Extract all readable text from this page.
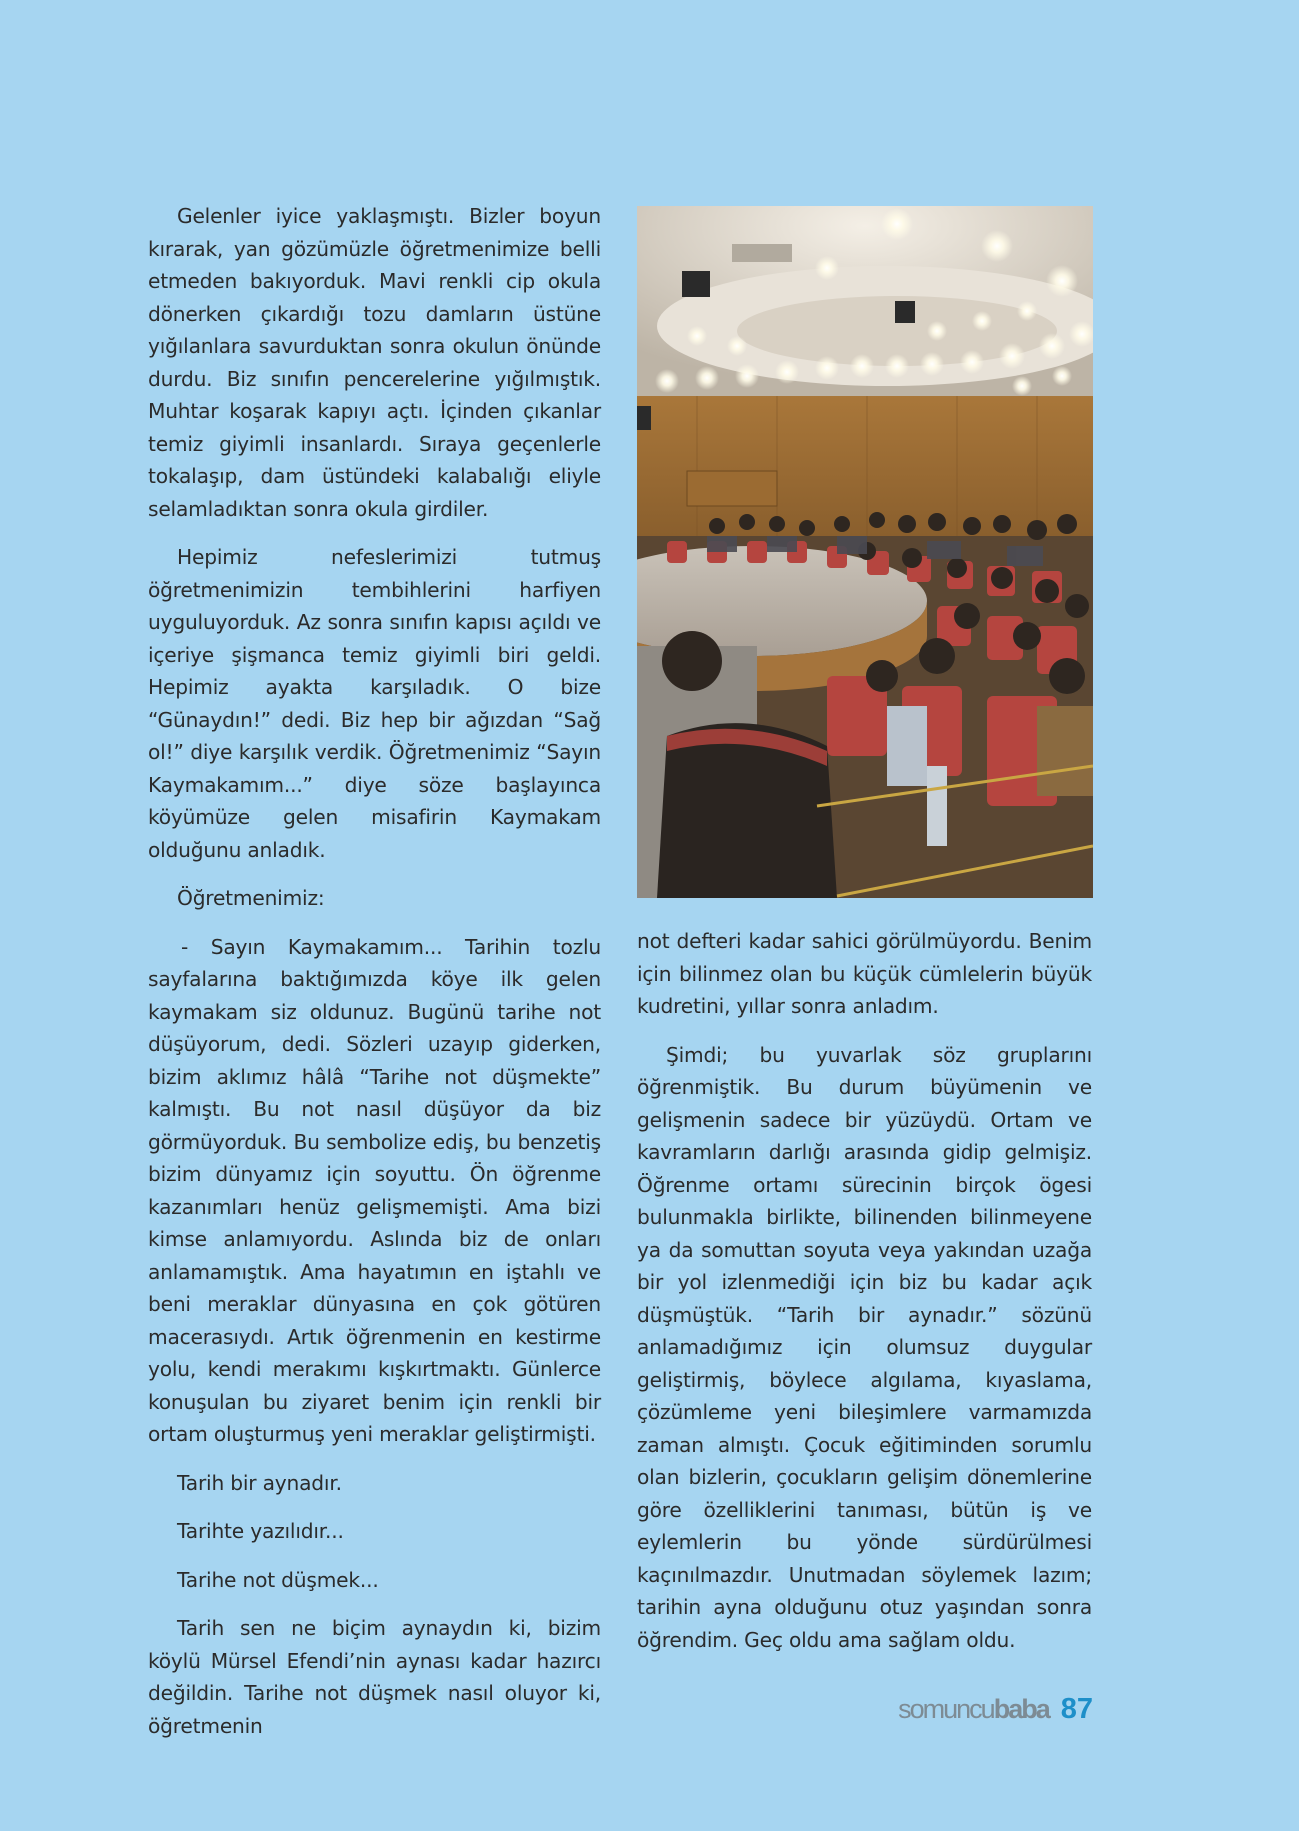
Gelenler iyice yaklaşmıştı. Bizler boyun kırarak, yan gözümüzle öğretmenimize belli etmeden bakıyorduk. Mavi renkli cip okula dönerken çıkardığı tozu damların üstüne yığılanlara savurduktan sonra okulun önünde durdu. Biz sınıfın pencerelerine yığılmıştık. Muhtar koşarak kapıyı açtı. İçinden çıkanlar temiz giyimli insanlardı. Sıraya geçenlerle tokalaşıp, dam üstündeki kalabalığı eliyle selamladıktan sonra okula girdiler.

Hepimiz nefeslerimizi tutmuş öğretmenimizin tembihlerini harfiyen uyguluyorduk. Az sonra sınıfın kapısı açıldı ve içeriye şişmanca temiz giyimli biri geldi. Hepimiz ayakta karşıladık. O bize “Günaydın!” dedi. Biz hep bir ağızdan “Sağ ol!” diye karşılık verdik. Öğretmenimiz “Sayın Kaymakamım...” diye söze başlayınca köyümüze gelen misafirin Kaymakam olduğunu anladık.

Öğretmenimiz:

- Sayın Kaymakamım... Tarihin tozlu sayfalarına baktığımızda köye ilk gelen kaymakam siz oldunuz. Bugünü tarihe not düşüyorum, dedi. Sözleri uzayıp giderken, bizim aklımız hâlâ “Tarihe not düşmekte” kalmıştı. Bu not nasıl düşüyor da biz görmüyorduk. Bu sembolize ediş, bu benzetiş bizim dünyamız için soyuttu. Ön öğrenme kazanımları henüz gelişmemişti. Ama bizi kimse anlamıyordu. Aslında biz de onları anlamamıştık. Ama hayatımın en iştahlı ve beni meraklar dünyasına en çok götüren macerasıydı. Artık öğrenmenin en kestirme yolu, kendi merakımı kışkırtmaktı. Günlerce konuşulan bu ziyaret benim için renkli bir ortam oluşturmuş yeni meraklar geliştirmişti.

Tarih bir aynadır.

Tarihte yazılıdır...

Tarihe not düşmek...

Tarih sen ne biçim aynaydın ki, bizim köylü Mürsel Efendi’nin aynası kadar hazırcı değildin. Tarihe not düşmek nasıl oluyor ki, öğretmenin

not defteri kadar sahici görülmüyordu. Benim için bilinmez olan bu küçük cümlelerin büyük kudretini, yıllar sonra anladım.

Şimdi; bu yuvarlak söz gruplarını öğrenmiştik. Bu durum büyümenin ve gelişmenin sadece bir yüzüydü. Ortam ve kavramların darlığı arasında gidip gelmişiz. Öğrenme ortamı sürecinin birçok ögesi bulunmakla birlikte, bilinenden bilinmeyene ya da somuttan soyuta veya yakından uzağa bir yol izlenmediği için biz bu kadar açık düşmüştük. “Tarih bir aynadır.” sözünü anlamadığımız için olumsuz duygular geliştirmiş, böylece algılama, kıyaslama, çözümleme yeni bileşimlere varmamızda zaman almıştı. Çocuk eğitiminden sorumlu olan bizlerin, çocukların gelişim dönemlerine göre özelliklerini tanıması, bütün iş ve eylemlerin bu yönde sürdürülmesi kaçınılmazdır. Unutmadan söylemek lazım; tarihin ayna olduğunu otuz yaşından sonra öğrendim. Geç oldu ama sağlam oldu.

somuncubaba 87
